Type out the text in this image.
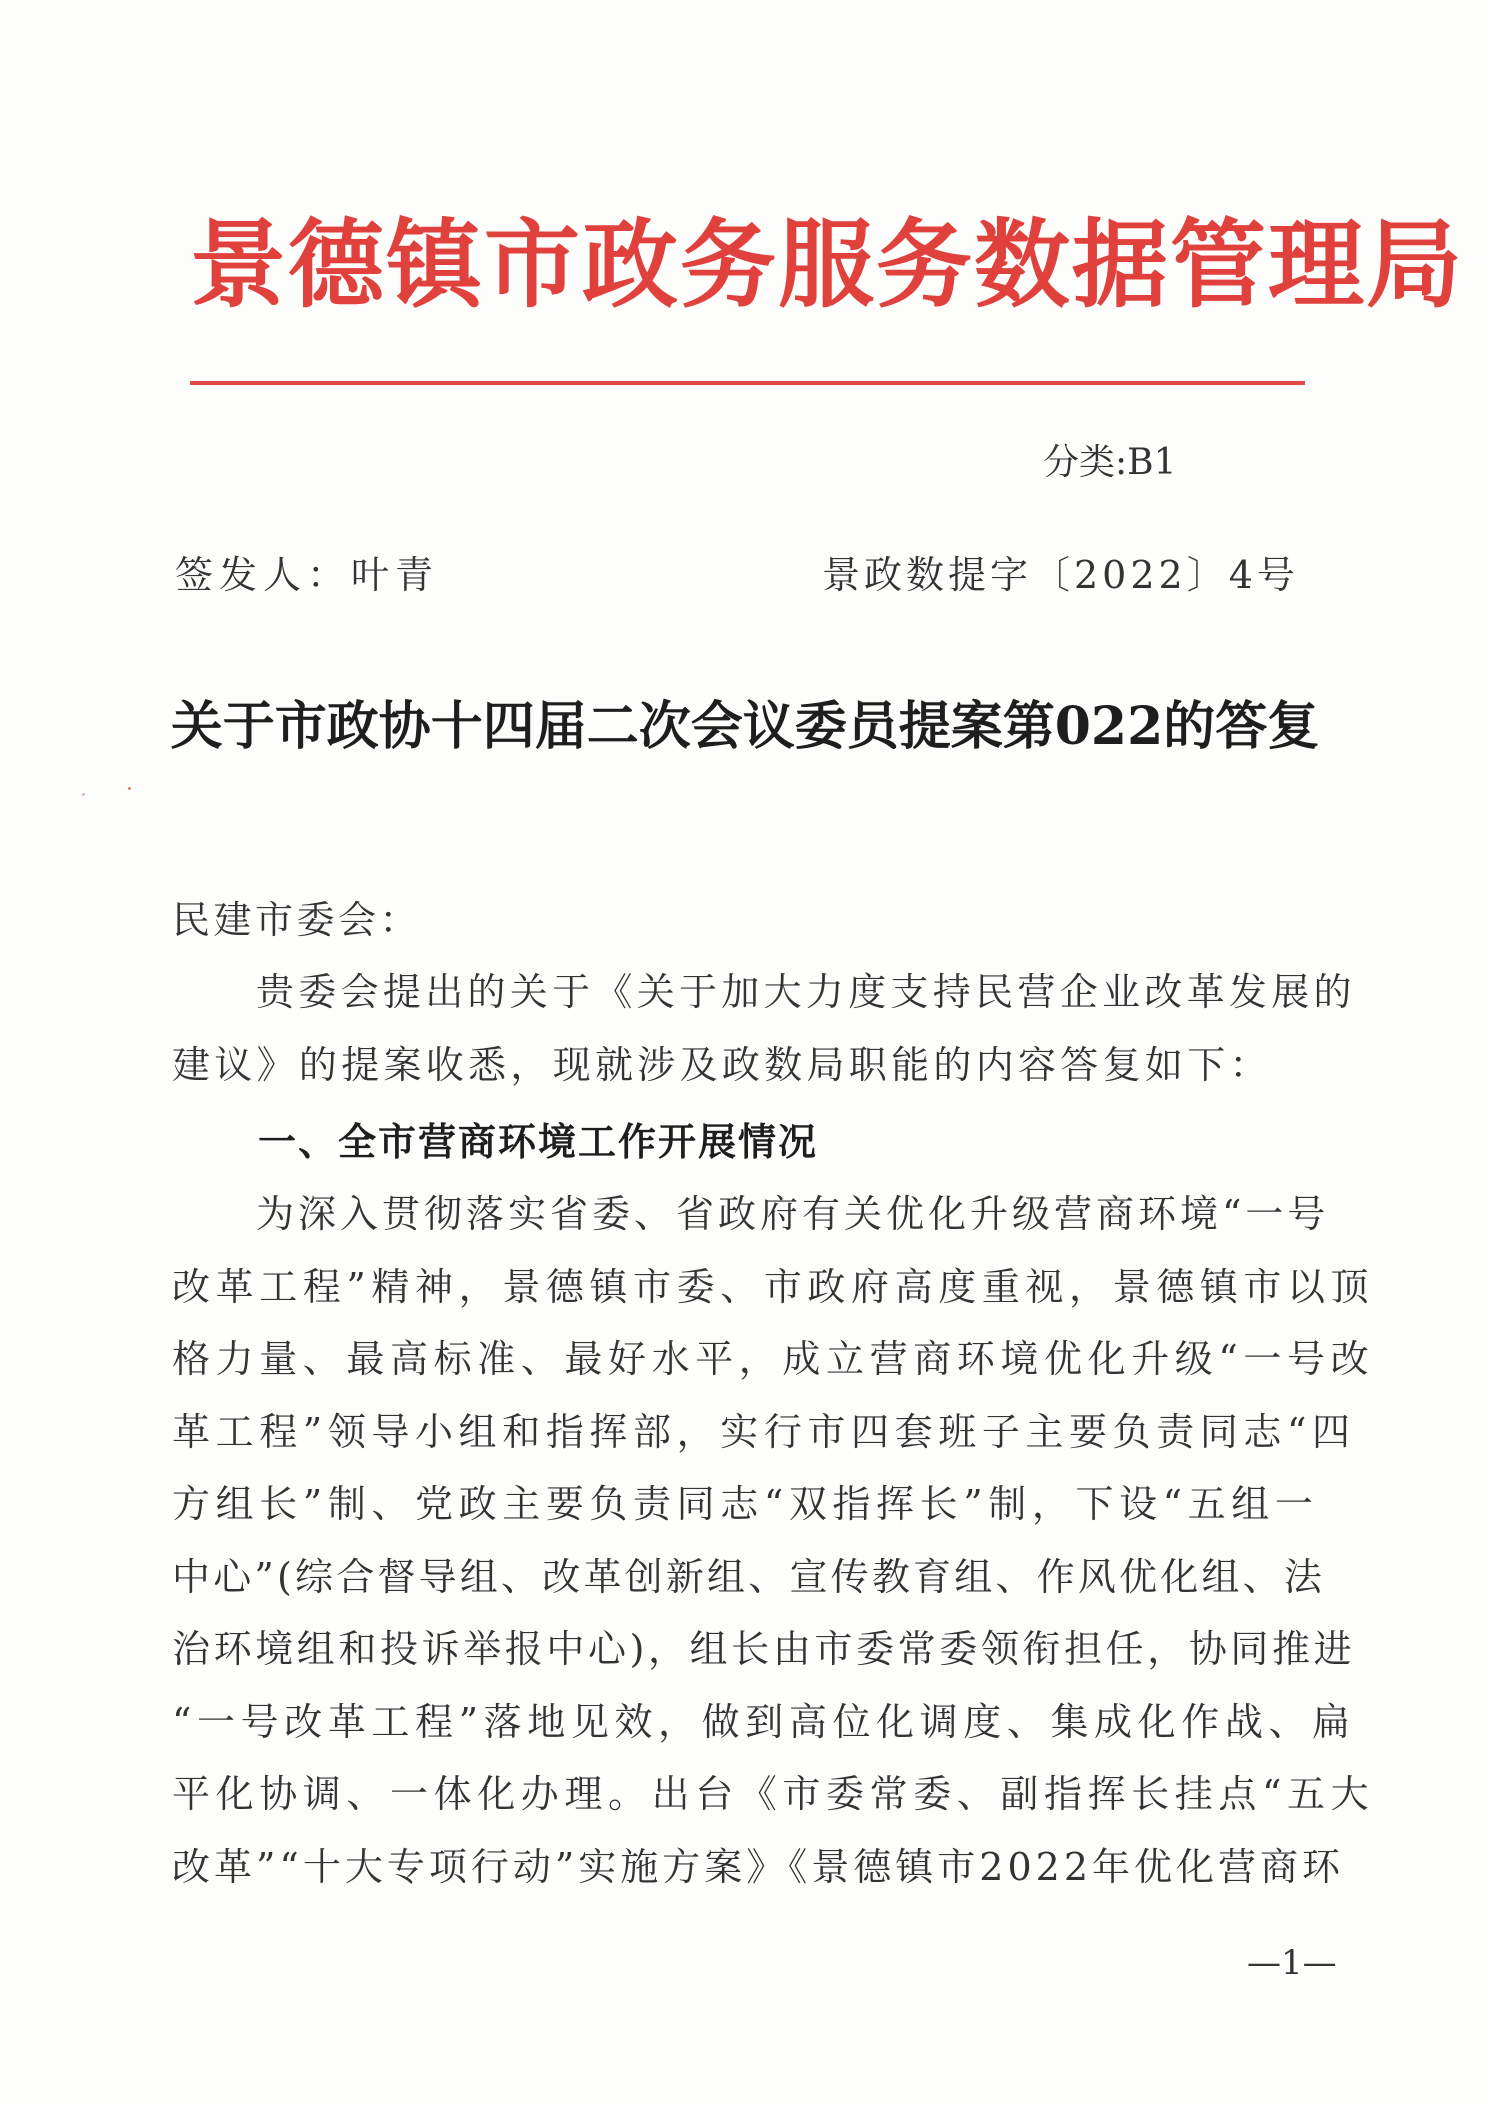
景德镇市政务服务数据管理局
分类:B1
签发人：叶青	景政数提字〔2022〕4号
关于市政协十四届二次会议委员提案第022的答复
民建市委会：
贵委会提出的关于《关于加大力度支持民营企业改革发展的
建议》的提案收悉，现就涉及政数局职能的内容答复如下：
一、全市营商环境工作开展情况
为深入贯彻落实省委、省政府有关优化升级营商环境“一号
改革工程”精神，景德镇市委、市政府高度重视，景德镇市以顶
格力量、最高标准、最好水平，成立营商环境优化升级“一号改
革工程”领导小组和指挥部，实行市四套班子主要负责同志“四
方组长”制、党政主要负责同志“双指挥长”制，下设“五组一
中心”(综合督导组、改革创新组、宣传教育组、作风优化组、法
治环境组和投诉举报中心)，组长由市委常委领衔担任，协同推进
“一号改革工程”落地见效，做到高位化调度、集成化作战、扁
平化协调、一体化办理。出台《市委常委、副指挥长挂点“五大
改革”“十大专项行动”实施方案》《景德镇市2022年优化营商环
—1—
